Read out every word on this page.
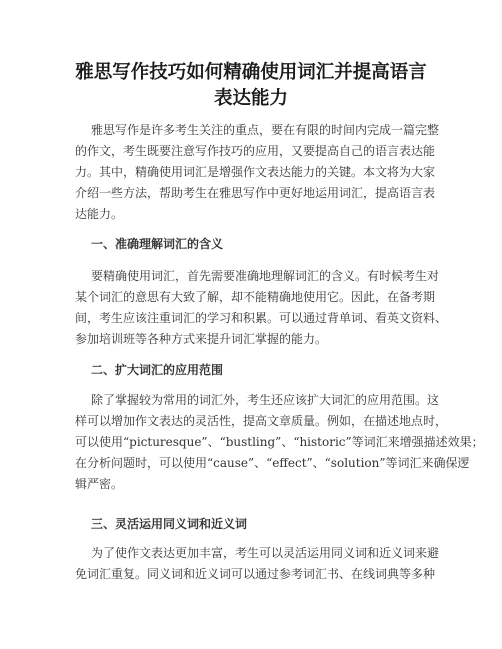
雅思写作技巧如何精确使用词汇并提高语言
表达能力

雅思写作是许多考生关注的重点，要在有限的时间内完成一篇完整
的作文，考生既要注意写作技巧的应用，又要提高自己的语言表达能
力。其中，精确使用词汇是增强作文表达能力的关键。本文将为大家
介绍一些方法，帮助考生在雅思写作中更好地运用词汇，提高语言表
达能力。

一、准确理解词汇的含义

要精确使用词汇，首先需要准确地理解词汇的含义。有时候考生对
某个词汇的意思有大致了解，却不能精确地使用它。因此，在备考期
间，考生应该注重词汇的学习和积累。可以通过背单词、看英文资料、
参加培训班等各种方式来提升词汇掌握的能力。

二、扩大词汇的应用范围

除了掌握较为常用的词汇外，考生还应该扩大词汇的应用范围。这
样可以增加作文表达的灵活性，提高文章质量。例如，在描述地点时，
可以使用“picturesque”、“bustling”、“historic”等词汇来增强描述效果；
在分析问题时，可以使用“cause”、“effect”、“solution”等词汇来确保逻
辑严密。

三、灵活运用同义词和近义词

为了使作文表达更加丰富，考生可以灵活运用同义词和近义词来避
免词汇重复。同义词和近义词可以通过参考词汇书、在线词典等多种
